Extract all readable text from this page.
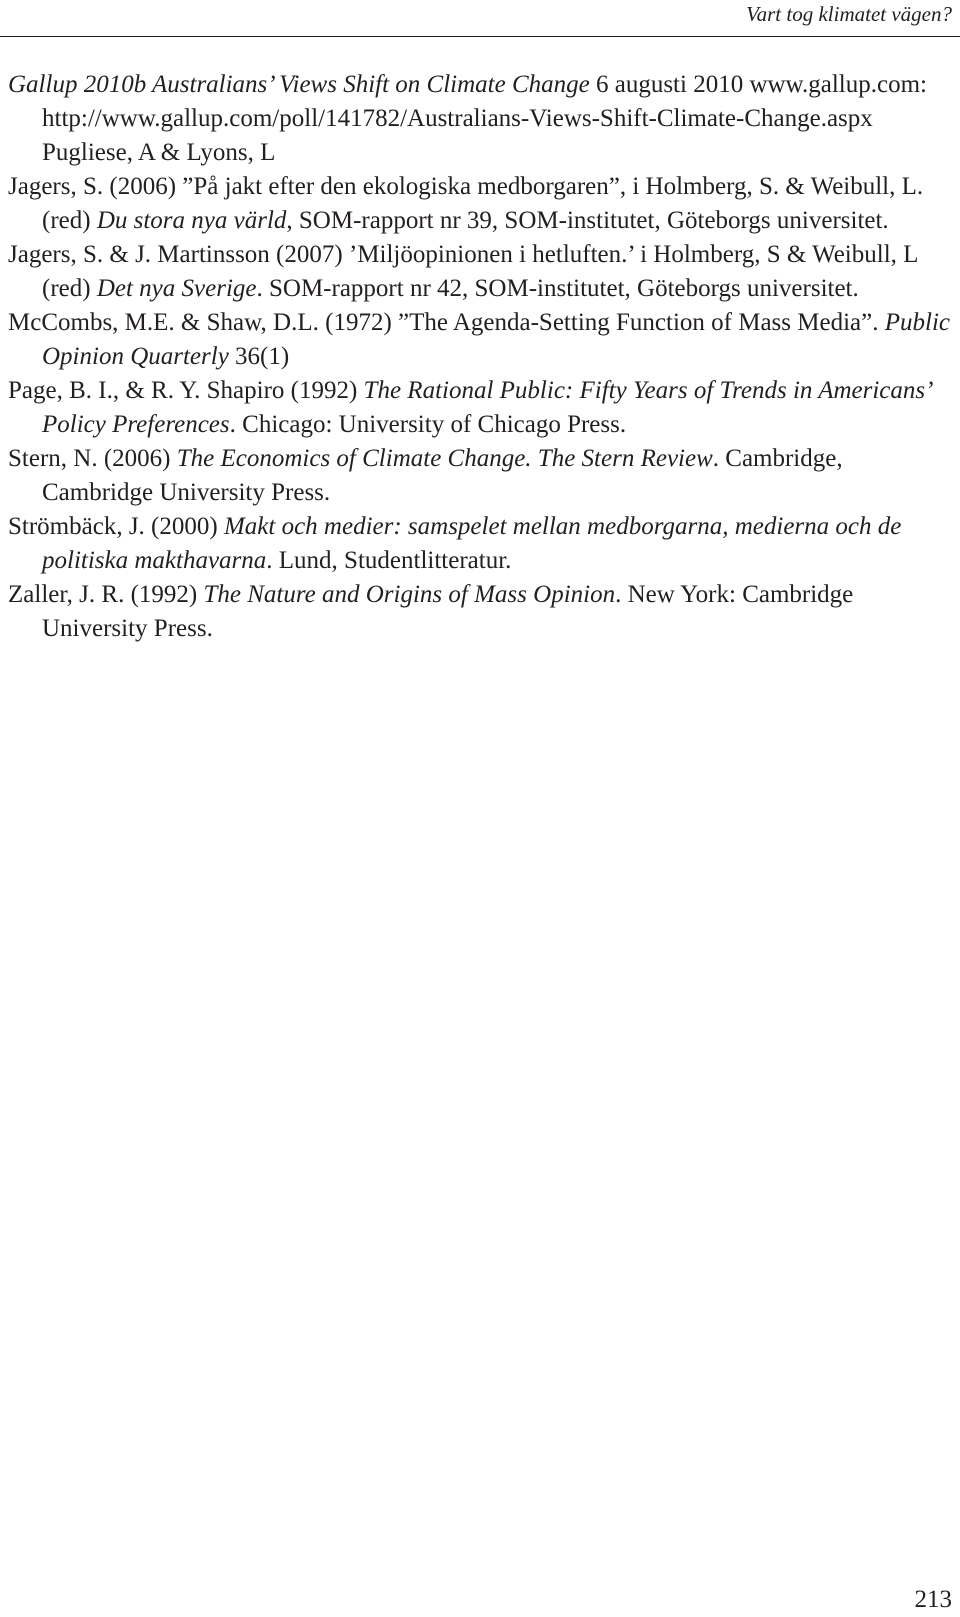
Vart tog klimatet vägen?

Gallup 2010b Australians’ Views Shift on Climate Change 6 augusti 2010 www.gallup.com: http://www.gallup.com/poll/141782/Australians-Views-Shift-Climate-Change.aspx Pugliese, A & Lyons, L

Jagers, S. (2006) ”På jakt efter den ekologiska medborgaren”, i Holmberg, S. & Weibull, L. (red) Du stora nya värld, SOM-rapport nr 39, SOM-institutet, Göteborgs universitet.

Jagers, S. & J. Martinsson (2007) ’Miljöopinionen i hetluften.’ i Holmberg, S & Weibull, L (red) Det nya Sverige. SOM-rapport nr 42, SOM-institutet, Göteborgs universitet.

McCombs, M.E. & Shaw, D.L. (1972) ”The Agenda-Setting Function of Mass Media”. Public Opinion Quarterly 36(1)

Page, B. I., & R. Y. Shapiro (1992) The Rational Public: Fifty Years of Trends in Americans’ Policy Preferences. Chicago: University of Chicago Press.

Stern, N. (2006) The Economics of Climate Change. The Stern Review. Cambridge, Cambridge University Press.

Strömbäck, J. (2000) Makt och medier: samspelet mellan medborgarna, medierna och de politiska makthavarna. Lund, Studentlitteratur.

Zaller, J. R. (1992) The Nature and Origins of Mass Opinion. New York: Cambridge University Press.

213
